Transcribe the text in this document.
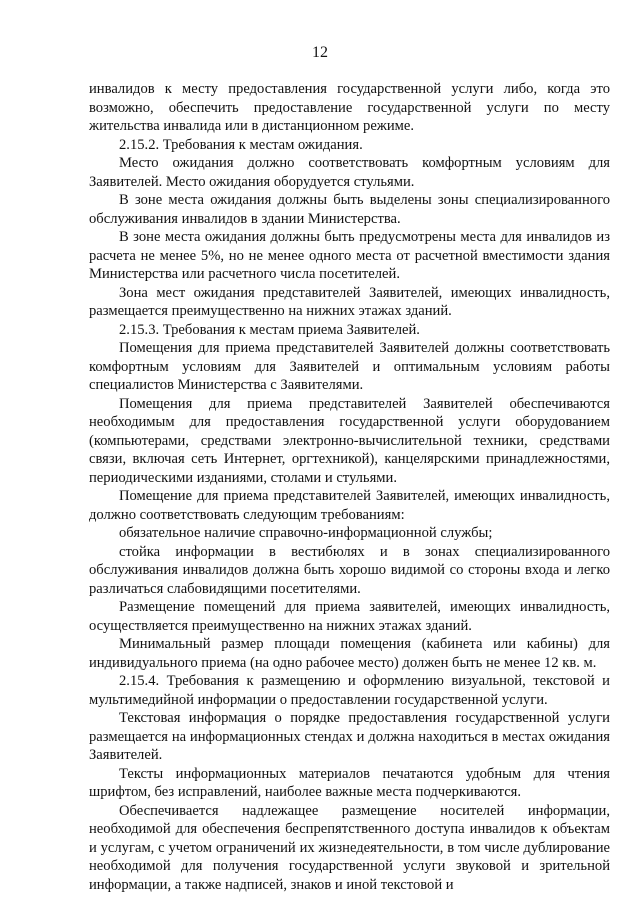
12

инвалидов к месту предоставления государственной услуги либо, когда это возможно, обеспечить предоставление государственной услуги по месту жительства инвалида или в дистанционном режиме.

2.15.2. Требования к местам ожидания.

Место ожидания должно соответствовать комфортным условиям для Заявителей. Место ожидания оборудуется стульями.

В зоне места ожидания должны быть выделены зоны специализированного обслуживания инвалидов в здании Министерства.

В зоне места ожидания должны быть предусмотрены места для инвалидов из расчета не менее 5%, но не менее одного места от расчетной вместимости здания Министерства или расчетного числа посетителей.

Зона мест ожидания представителей Заявителей, имеющих инвалидность, размещается преимущественно на нижних этажах зданий.

2.15.3. Требования к местам приема Заявителей.

Помещения для приема представителей Заявителей должны соответствовать комфортным условиям для Заявителей и оптимальным условиям работы специалистов Министерства с Заявителями.

Помещения для приема представителей Заявителей обеспечиваются необходимым для предоставления государственной услуги оборудованием (компьютерами, средствами электронно-вычислительной техники, средствами связи, включая сеть Интернет, оргтехникой), канцелярскими принадлежностями, периодическими изданиями, столами и стульями.

Помещение для приема представителей Заявителей, имеющих инвалидность, должно соответствовать следующим требованиям:

обязательное наличие справочно-информационной службы;

стойка информации в вестибюлях и в зонах специализированного обслуживания инвалидов должна быть хорошо видимой со стороны входа и легко различаться слабовидящими посетителями.

Размещение помещений для приема заявителей, имеющих инвалидность, осуществляется преимущественно на нижних этажах зданий.

Минимальный размер площади помещения (кабинета или кабины) для индивидуального приема (на одно рабочее место) должен быть не менее 12 кв. м.

2.15.4. Требования к размещению и оформлению визуальной, текстовой и мультимедийной информации о предоставлении государственной услуги.

Текстовая информация о порядке предоставления государственной услуги размещается на информационных стендах и должна находиться в местах ожидания Заявителей.

Тексты информационных материалов печатаются удобным для чтения шрифтом, без исправлений, наиболее важные места подчеркиваются.

Обеспечивается надлежащее размещение носителей информации, необходимой для обеспечения беспрепятственного доступа инвалидов к объектам и услугам, с учетом ограничений их жизнедеятельности, в том числе дублирование необходимой для получения государственной услуги звуковой и зрительной информации, а также надписей, знаков и иной текстовой и
